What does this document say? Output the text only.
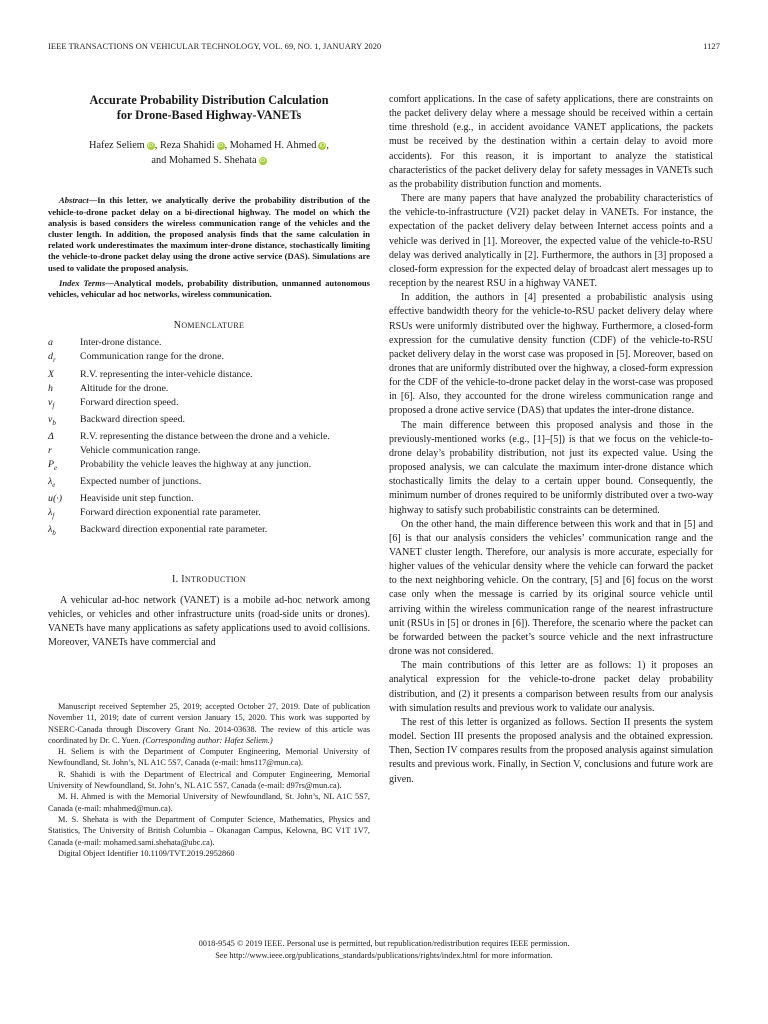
IEEE TRANSACTIONS ON VEHICULAR TECHNOLOGY, VOL. 69, NO. 1, JANUARY 2020	1127
Accurate Probability Distribution Calculation
for Drone-Based Highway-VANETs
Hafez Seliem iD, Reza Shahidi iD, Mohamed H. Ahmed iD,
and Mohamed S. Shehata iD

Abstract—In this letter, we analytically derive the probability distribution of the vehicle-to-drone packet delay on a bi-directional highway. The model on which the analysis is based considers the wireless communication range of the vehicles and the cluster length. In addition, the proposed analysis finds that the same calculation in related work underestimates the maximum inter-drone distance, stochastically limiting the vehicle-to-drone packet delay using the drone active service (DAS). Simulations are used to validate the proposed analysis.

Index Terms—Analytical models, probability distribution, unmanned autonomous vehicles, vehicular ad hoc networks, wireless communication.

NOMENCLATURE
a	Inter-drone distance.
$d_r$	Communication range for the drone.
X	R.V. representing the inter-vehicle distance.
h	Altitude for the drone.
$v_f$	Forward direction speed.
$v_b$	Backward direction speed.
Δ	R.V. representing the distance between the drone and a vehicle.
r	Vehicle communication range.
$P_e$	Probability the vehicle leaves the highway at any junction.
$\lambda_e$	Expected number of junctions.
u(·)	Heaviside unit step function.
$\lambda_f$	Forward direction exponential rate parameter.
$\lambda_b$	Backward direction exponential rate parameter.
I. INTRODUCTION

A vehicular ad-hoc network (VANET) is a mobile ad-hoc network among vehicles, or vehicles and other infrastructure units (road-side units or drones). VANETs have many applications as safety applications used to avoid collisions. Moreover, VANETs have commercial and

Manuscript received September 25, 2019; accepted October 27, 2019. Date of publication November 11, 2019; date of current version January 15, 2020. This work was supported by NSERC-Canada through Discovery Grant No. 2014-03638. The review of this article was coordinated by Dr. C. Yuen. (Corresponding author: Hafez Seliem.)

H. Seliem is with the Department of Computer Engineering, Memorial University of Newfoundland, St. John’s, NL A1C 5S7, Canada (e-mail: hms117@mun.ca).

R. Shahidi is with the Department of Electrical and Computer Engineering, Memorial University of Newfoundland, St. John’s, NL A1C 5S7, Canada (e-mail: d97rs@mun.ca).

M. H. Ahmed is with the Memorial University of Newfoundland, St. John’s, NL A1C 5S7, Canada (e-mail: mhahmed@mun.ca).

M. S. Shehata is with the Department of Computer Science, Mathematics, Physics and Statistics, The University of British Columbia – Okanagan Campus, Kelowna, BC V1T 1V7, Canada (e-mail: mohamed.sami.shehata@ubc.ca).

Digital Object Identifier 10.1109/TVT.2019.2952860

comfort applications. In the case of safety applications, there are constraints on the packet delivery delay where a message should be received within a certain time threshold (e.g., in accident avoidance VANET applications, the packets must be received by the destination within a certain delay to avoid more accidents). For this reason, it is important to analyze the statistical characteristics of the packet delivery delay for safety messages in VANETs such as the probability distribution function and moments.

There are many papers that have analyzed the probability characteristics of the vehicle-to-infrastructure (V2I) packet delay in VANETs. For instance, the expectation of the packet delivery delay between Internet access points and a vehicle was derived in [1]. Moreover, the expected value of the vehicle-to-RSU delay was derived analytically in [2]. Furthermore, the authors in [3] proposed a closed-form expression for the expected delay of broadcast alert messages up to reception by the nearest RSU in a highway VANET.

In addition, the authors in [4] presented a probabilistic analysis using effective bandwidth theory for the vehicle-to-RSU packet delivery delay where RSUs were uniformly distributed over the highway. Furthermore, a closed-form expression for the cumulative density function (CDF) of the vehicle-to-RSU packet delivery delay in the worst case was proposed in [5]. Moreover, based on drones that are uniformly distributed over the highway, a closed-form expression for the CDF of the vehicle-to-drone packet delay in the worst-case was proposed in [6]. Also, they accounted for the drone wireless communication range and proposed a drone active service (DAS) that updates the inter-drone distance.

The main difference between this proposed analysis and those in the previously-mentioned works (e.g., [1]–[5]) is that we focus on the vehicle-to-drone delay’s probability distribution, not just its expected value. Using the proposed analysis, we can calculate the maximum inter-drone distance which stochastically limits the delay to a certain upper bound. Consequently, the minimum number of drones required to be uniformly distributed over a two-way highway to satisfy such probabilistic constraints can be determined.

On the other hand, the main difference between this work and that in [5] and [6] is that our analysis considers the vehicles’ communication range and the VANET cluster length. Therefore, our analysis is more accurate, especially for higher values of the vehicular density where the vehicle can forward the packet to the next neighboring vehicle. On the contrary, [5] and [6] focus on the worst case only when the message is carried by its original source vehicle until arriving within the wireless communication range of the nearest infrastructure unit (RSUs in [5] or drones in [6]). Therefore, the scenario where the packet can be forwarded between the packet’s source vehicle and the next infrastructure drone was not considered.

The main contributions of this letter are as follows: 1) it proposes an analytical expression for the vehicle-to-drone packet delay probability distribution, and (2) it presents a comparison between results from our analysis with simulation results and previous work to validate our analysis.

The rest of this letter is organized as follows. Section II presents the system model. Section III presents the proposed analysis and the obtained expression. Then, Section IV compares results from the proposed analysis against simulation results and previous work. Finally, in Section V, conclusions and future work are given.

0018-9545 © 2019 IEEE. Personal use is permitted, but republication/redistribution requires IEEE permission.
See http://www.ieee.org/publications_standards/publications/rights/index.html for more information.
